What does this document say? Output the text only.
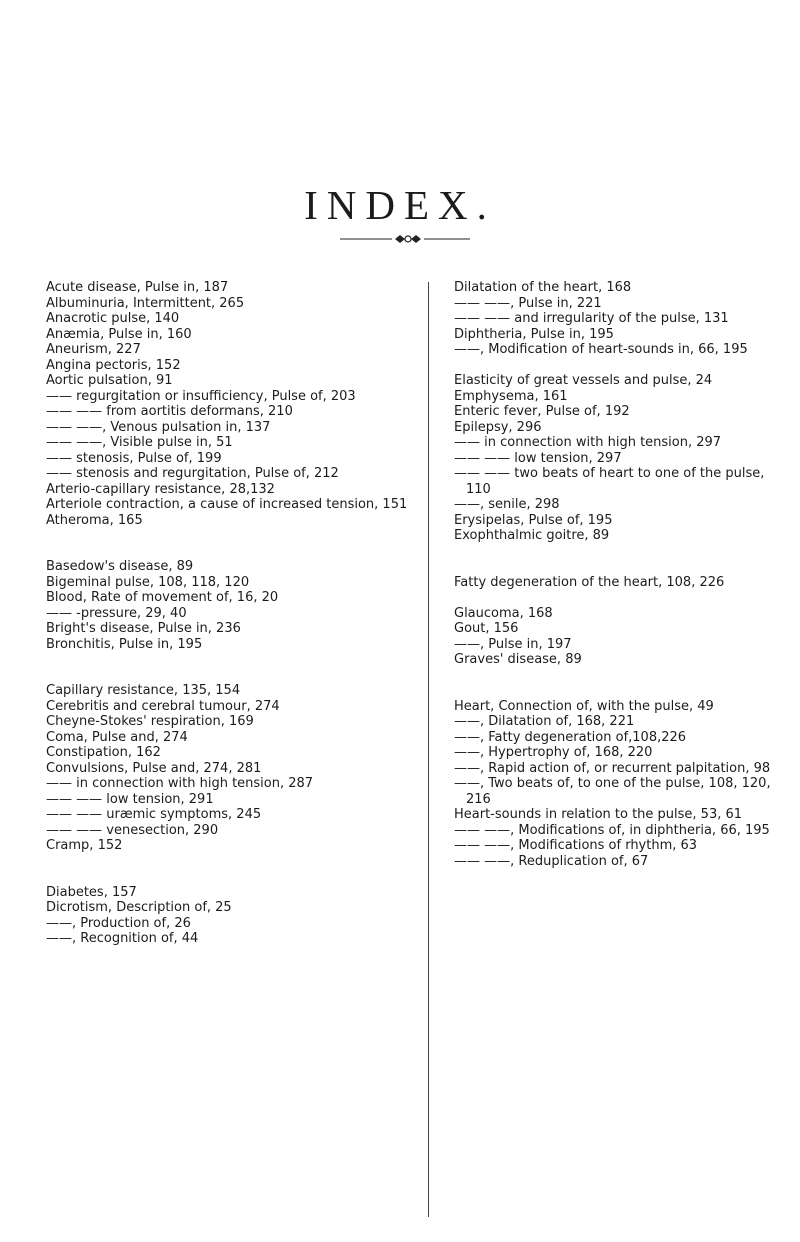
INDEX.
Acute disease, Pulse in, 187
Albuminuria, Intermittent, 265
Anacrotic pulse, 140
Anæmia, Pulse in, 160
Aneurism, 227
Angina pectoris, 152
Aortic pulsation, 91
—— regurgitation or insufficiency, Pulse of, 203
—— —— from aortitis deformans, 210
—— ——, Venous pulsation in, 137
—— ——, Visible pulse in, 51
—— stenosis, Pulse of, 199
—— stenosis and regurgitation, Pulse of, 212
Arterio-capillary resistance, 28,132
Arteriole contraction, a cause of increased tension, 151
Atheroma, 165
Basedow's disease, 89
Bigeminal pulse, 108, 118, 120
Blood, Rate of movement of, 16, 20
—— -pressure, 29, 40
Bright's disease, Pulse in, 236
Bronchitis, Pulse in, 195
Capillary resistance, 135, 154
Cerebritis and cerebral tumour, 274
Cheyne-Stokes' respiration, 169
Coma, Pulse and, 274
Constipation, 162
Convulsions, Pulse and, 274, 281
—— in connection with high tension, 287
—— —— low tension, 291
—— —— uræmic symptoms, 245
—— —— venesection, 290
Cramp, 152
Diabetes, 157
Dicrotism, Description of, 25
——, Production of, 26
——, Recognition of, 44
Dilatation of the heart, 168
—— ——, Pulse in, 221
—— —— and irregularity of the pulse, 131
Diphtheria, Pulse in, 195
——, Modification of heart-sounds in, 66, 195
Elasticity of great vessels and pulse, 24
Emphysema, 161
Enteric fever, Pulse of, 192
Epilepsy, 296
—— in connection with high tension, 297
—— —— low tension, 297
—— —— two beats of heart to one of the pulse, 110
——, senile, 298
Erysipelas, Pulse of, 195
Exophthalmic goitre, 89
Fatty degeneration of the heart, 108, 226
Glaucoma, 168
Gout, 156
——, Pulse in, 197
Graves' disease, 89
Heart, Connection of, with the pulse, 49
——, Dilatation of, 168, 221
——, Fatty degeneration of,108,226
——, Hypertrophy of, 168, 220
——, Rapid action of, or recurrent palpitation, 98
——, Two beats of, to one of the pulse, 108, 120, 216
Heart-sounds in relation to the pulse, 53, 61
—— ——, Modifications of, in diphtheria, 66, 195
—— ——, Modifications of rhythm, 63
—— ——, Reduplication of, 67
